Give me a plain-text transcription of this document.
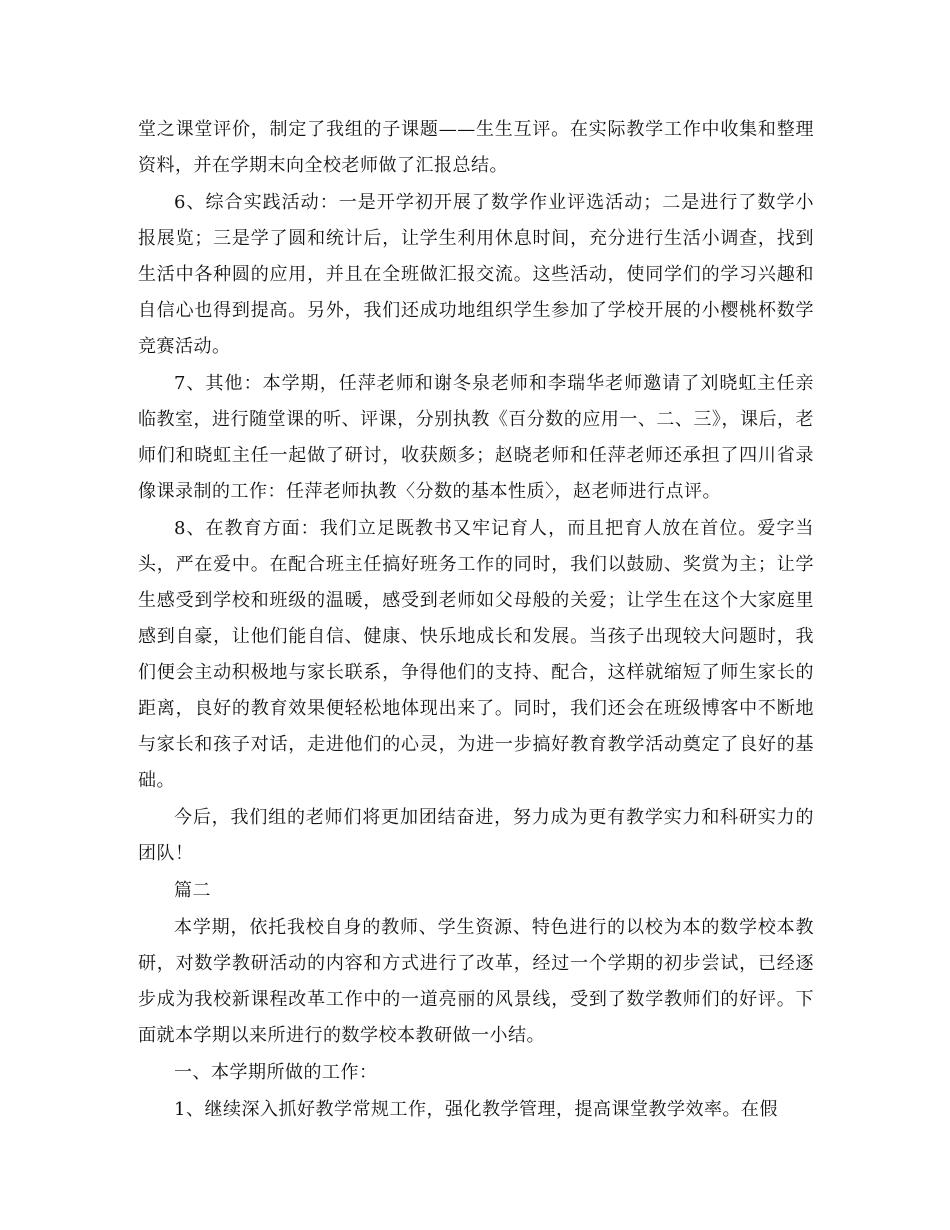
堂之课堂评价，制定了我组的子课题——生生互评。在实际教学工作中收集和整理资料，并在学期末向全校老师做了汇报总结。

6、综合实践活动：一是开学初开展了数学作业评选活动；二是进行了数学小报展览；三是学了圆和统计后，让学生利用休息时间，充分进行生活小调查，找到生活中各种圆的应用，并且在全班做汇报交流。这些活动，使同学们的学习兴趣和自信心也得到提高。另外，我们还成功地组织学生参加了学校开展的小樱桃杯数学竞赛活动。

7、其他：本学期，任萍老师和谢冬泉老师和李瑞华老师邀请了刘晓虹主任亲临教室，进行随堂课的听、评课，分别执教《百分数的应用一、二、三》，课后，老师们和晓虹主任一起做了研讨，收获颇多；赵晓老师和任萍老师还承担了四川省录像课录制的工作：任萍老师执教〈分数的基本性质〉，赵老师进行点评。

8、在教育方面：我们立足既教书又牢记育人，而且把育人放在首位。爱字当头，严在爱中。在配合班主任搞好班务工作的同时，我们以鼓励、奖赏为主；让学生感受到学校和班级的温暖，感受到老师如父母般的关爱；让学生在这个大家庭里感到自豪，让他们能自信、健康、快乐地成长和发展。当孩子出现较大问题时，我们便会主动积极地与家长联系，争得他们的支持、配合，这样就缩短了师生家长的距离，良好的教育效果便轻松地体现出来了。同时，我们还会在班级博客中不断地与家长和孩子对话，走进他们的心灵，为进一步搞好教育教学活动奠定了良好的基础。

今后，我们组的老师们将更加团结奋进，努力成为更有教学实力和科研实力的团队！

篇二

本学期，依托我校自身的教师、学生资源、特色进行的以校为本的数学校本教研，对数学教研活动的内容和方式进行了改革，经过一个学期的初步尝试，已经逐步成为我校新课程改革工作中的一道亮丽的风景线，受到了数学教师们的好评。下面就本学期以来所进行的数学校本教研做一小结。

一、本学期所做的工作：

1、继续深入抓好教学常规工作，强化教学管理，提高课堂教学效率。在假
